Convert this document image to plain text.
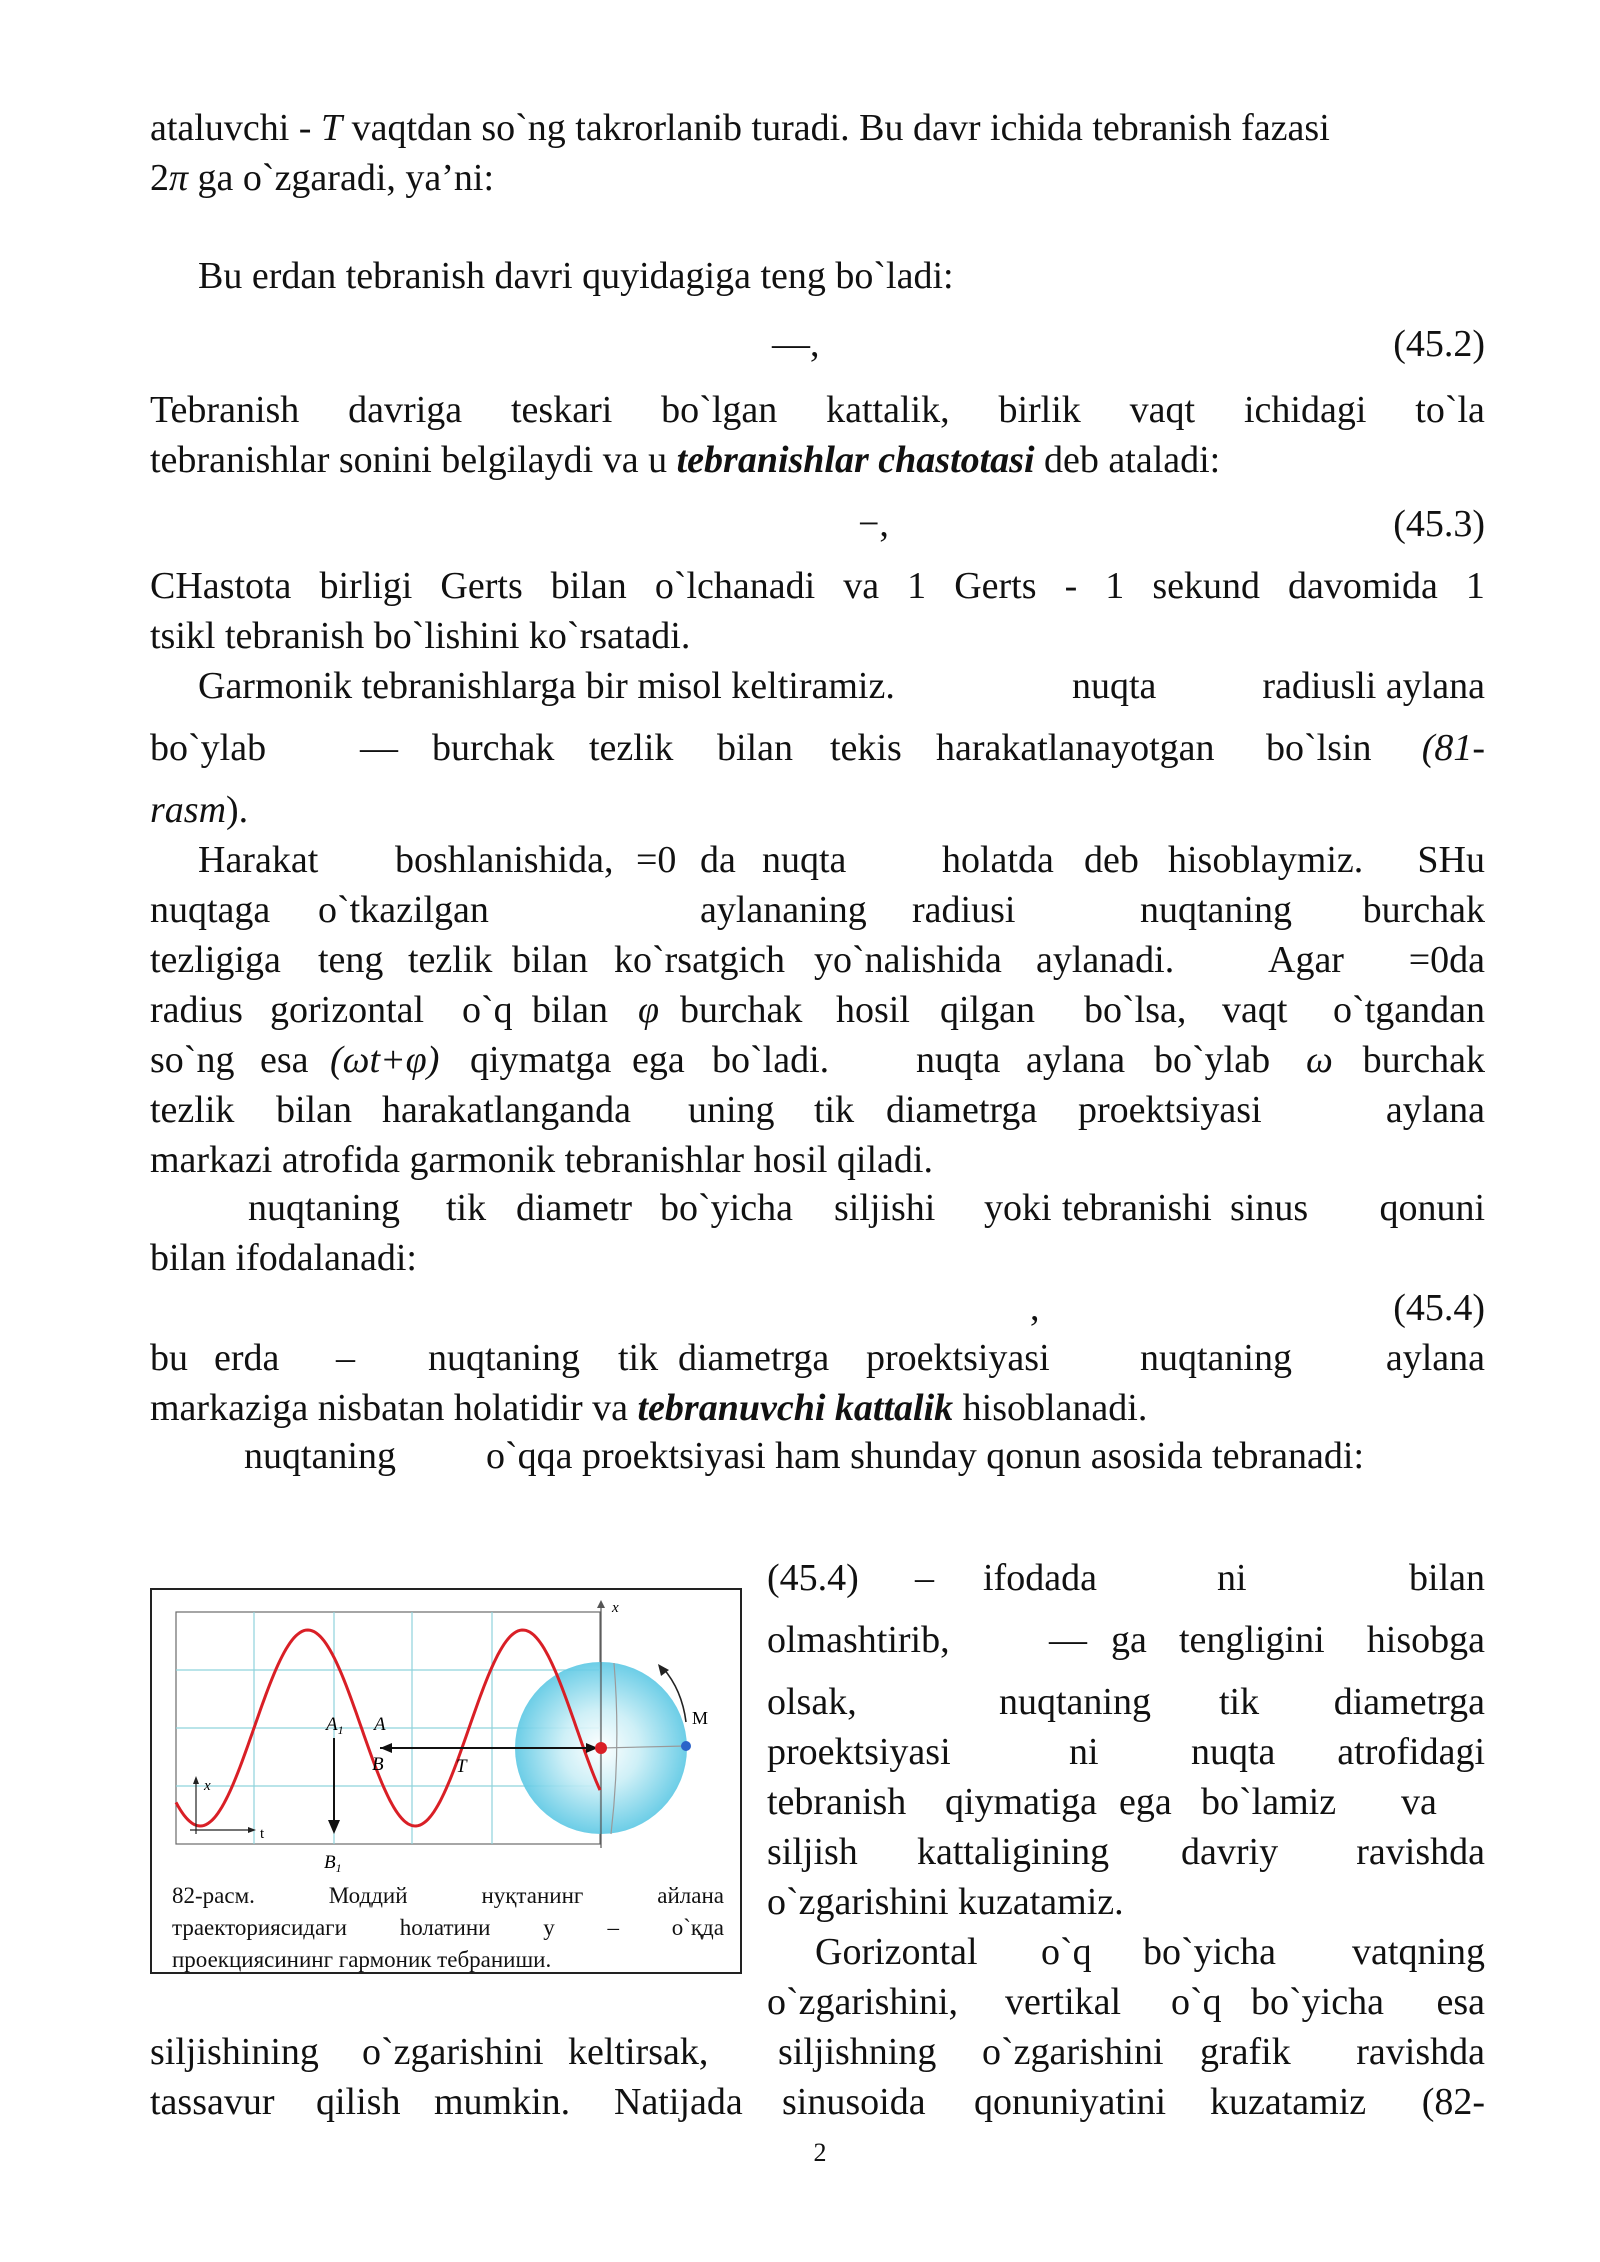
ataluvchi - T vaqtdan so`ng takrorlanib turadi. Bu davr ichida tebranish fazasi
2π ga o`zgaradi, ya’ni:
Bu erdan tebranish davri quyidagiga teng bo`ladi:
—,	(45.2)
Tebranish davriga teskari bo`lgan kattalik, birlik vaqt ichidagi to`la
tebranishlar sonini belgilaydi va u tebranishlar chastotasi deb ataladi:
−,	(45.3)
CHastota birligi Gerts bilan o`lchanadi va 1 Gerts - 1 sekund davomida 1
tsikl tebranish bo`lishini ko`rsatadi.
Garmonik tebranishlarga bir misol keltiramiz.	nuqta	radiusli aylana
bo`ylab — burchak tezlik bilan tekis harakatlanayotgan bo`lsin (81-
rasm).
Harakat boshlanishida, =0 da nuqta	holatda deb hisoblaymiz. SHu
nuqtaga o`tkazilgan	aylananing radiusi	nuqtaning burchak
tezligiga teng tezlik bilan ko`rsatgich yo`nalishida aylanadi. Agar =0da
radius gorizontal o`q bilan φ burchak hosil qilgan bo`lsa, vaqt o`tgandan
so`ng esa (ωt+φ) qiymatga ega bo`ladi. nuqta aylana bo`ylab ω burchak
tezlik bilan harakatlanganda uning tik diametrga proektsiyasi	aylana
markazi atrofida garmonik tebranishlar hosil qiladi.
nuqtaning tik diametr bo`yicha siljishi yoki tebranishi sinus qonuni
bilan ifodalanadi:
,	(45.4)
bu erda – nuqtaning tik diametrga proektsiyasi nuqtaning aylana
markaziga nisbatan holatidir va tebranuvchi kattalik hisoblanadi.
nuqtaning o`qqa proektsiyasi ham shunday qonun asosida tebranadi:
x
M
$A_1$ A
B	T
$B_1$
x
t
82-расм.	Моддий	нуқтанинг	айлана
траекториясидаги һолатини у – о`қда
проекциясининг гармоник тебраниши.
(45.4) – ifodada	ni	bilan
olmashtirib,	— ga tengligini hisobga
olsak,	nuqtaning tik diametrga
proektsiyasi	ni nuqta atrofidagi
tebranish qiymatiga ega bo`lamiz va
siljish kattaligining davriy ravishda
o`zgarishini kuzatamiz.
Gorizontal o`q bo`yicha vatqning
o`zgarishini, vertikal o`q bo`yicha esa
siljishining o`zgarishini keltirsak, siljishning o`zgarishini grafik ravishda
tassavur qilish mumkin. Natijada sinusoida qonuniyatini kuzatamiz (82-
2
